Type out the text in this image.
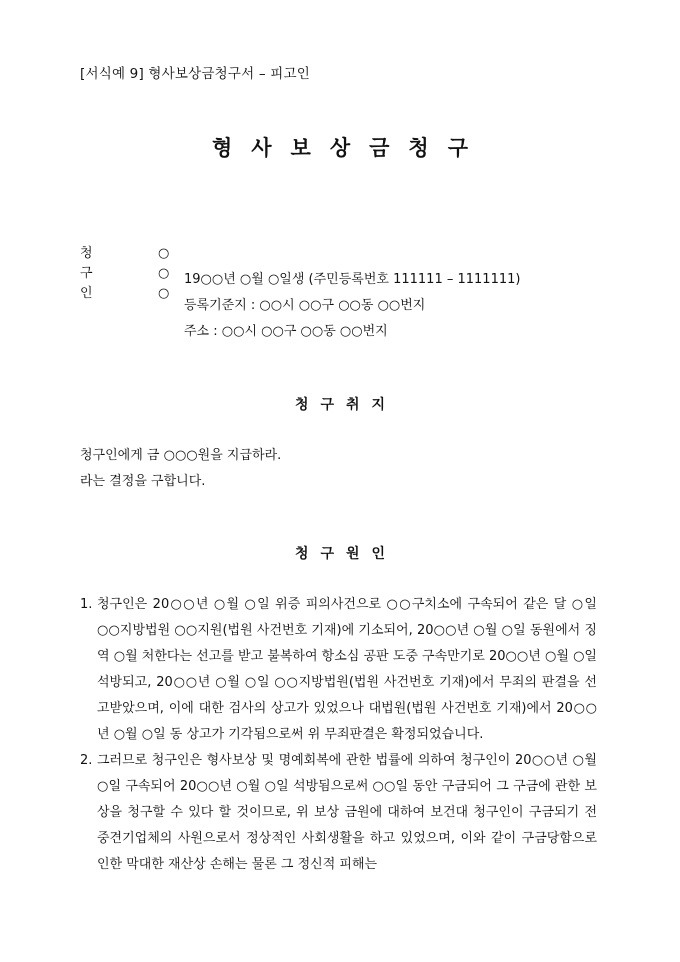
[서식예 9] 형사보상금청구서 – 피고인
형사보상금청구
청구인
○ ○ ○
19○○년 ○월 ○일생 (주민등록번호 111111 – 1111111)
등록기준지 : ○○시 ○○구 ○○동 ○○번지
주소 : ○○시 ○○구 ○○동 ○○번지
청구취지
청구인에게 금 ○○○원을 지급하라.
라는 결정을 구합니다.
청구원인
1. 청구인은 20○○년 ○월 ○일 위증 피의사건으로 ○○구치소에 구속되어 같은 달 ○일 ○○지방법원 ○○지원(법원 사건번호 기재)에 기소되어, 20○○년 ○월 ○일 동원에서 징역 ○월 처한다는 선고를 받고 불복하여 항소심 공판 도중 구속만기로 20○○년 ○월 ○일 석방되고, 20○○년 ○월 ○일 ○○지방법원(법원 사건번호 기재)에서 무죄의 판결을 선고받았으며, 이에 대한 검사의 상고가 있었으나 대법원(법원 사건번호 기재)에서 20○○년 ○월 ○일 동 상고가 기각됨으로써 위 무죄판결은 확정되었습니다.
2. 그러므로 청구인은 형사보상 및 명예회복에 관한 법률에 의하여 청구인이 20○○년 ○월 ○일 구속되어 20○○년 ○월 ○일 석방됨으로써 ○○일 동안 구금되어 그 구금에 관한 보상을 청구할 수 있다 할 것이므로, 위 보상 금원에 대하여 보건대 청구인이 구금되기 전 중견기업체의 사원으로서 정상적인 사회생활을 하고 있었으며, 이와 같이 구금당함으로 인한 막대한 재산상 손해는 물론 그 정신적 피해는
